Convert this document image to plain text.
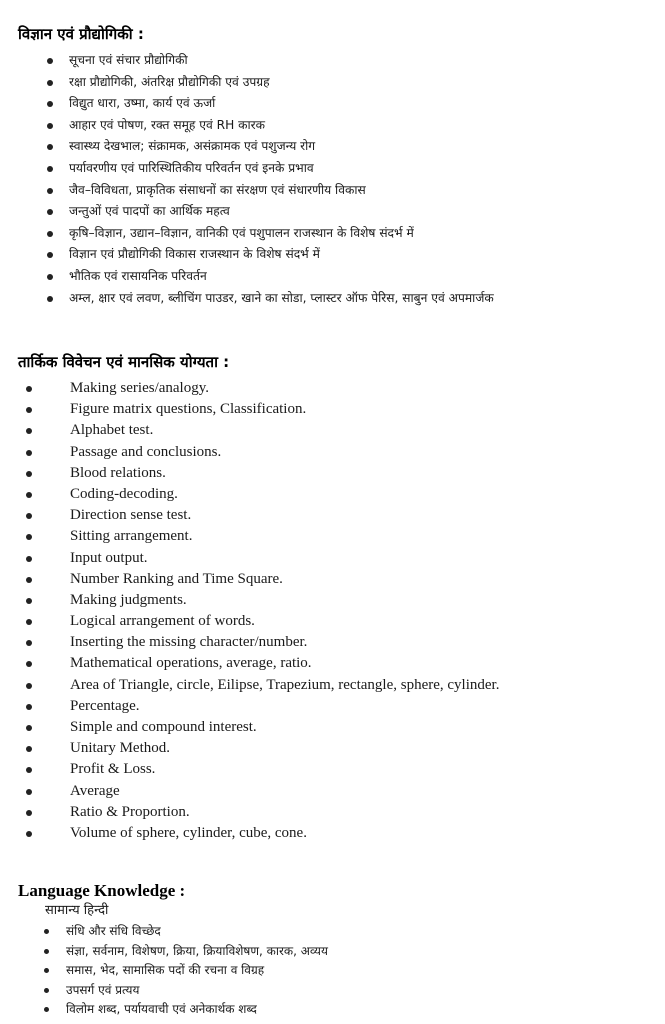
विज्ञान एवं प्रौद्योगिकी :
सूचना एवं संचार प्रौद्योगिकी
रक्षा प्रौद्योगिकी, अंतरिक्ष प्रौद्योगिकी एवं उपग्रह
विद्युत धारा, उष्मा, कार्य एवं ऊर्जा
आहार एवं पोषण, रक्त समूह एवं RH कारक
स्वास्थ्य देखभाल; संक्रामक, असंक्रामक एवं पशुजन्य रोग
पर्यावरणीय एवं पारिस्थितिकीय परिवर्तन एवं इनके प्रभाव
जैव–विविधता, प्राकृतिक संसाधनों का संरक्षण एवं संधारणीय विकास
जन्तुओं एवं पादपों का आर्थिक महत्व
कृषि–विज्ञान, उद्यान–विज्ञान, वानिकी एवं पशुपालन राजस्थान के विशेष संदर्भ में
विज्ञान एवं प्रौद्योगिकी विकास राजस्थान के विशेष संदर्भ में
भौतिक एवं रासायनिक परिवर्तन
अम्ल, क्षार एवं लवण, ब्लीचिंग पाउडर, खाने का सोडा, प्लास्टर ऑफ पेरिस, साबुन एवं अपमार्जक
तार्किक विवेचन एवं मानसिक योग्यता :
Making series/analogy.
Figure matrix questions, Classification.
Alphabet test.
Passage and conclusions.
Blood relations.
Coding-decoding.
Direction sense test.
Sitting arrangement.
Input output.
Number Ranking and Time Square.
Making judgments.
Logical arrangement of words.
Inserting the missing character/number.
Mathematical operations, average, ratio.
Area of Triangle, circle, Eilipse, Trapezium, rectangle, sphere, cylinder.
Percentage.
Simple and compound interest.
Unitary Method.
Profit & Loss.
Average
Ratio & Proportion.
Volume of sphere, cylinder, cube, cone.
Language Knowledge :
सामान्य हिन्दी
संधि और संधि विच्छेद
संज्ञा, सर्वनाम, विशेषण, क्रिया, क्रियाविशेषण, कारक, अव्यय
समास, भेद, सामासिक पदों की रचना व विग्रह
उपसर्ग एवं प्रत्यय
विलोम शब्द, पर्यायवाची एवं अनेकार्थक शब्द
